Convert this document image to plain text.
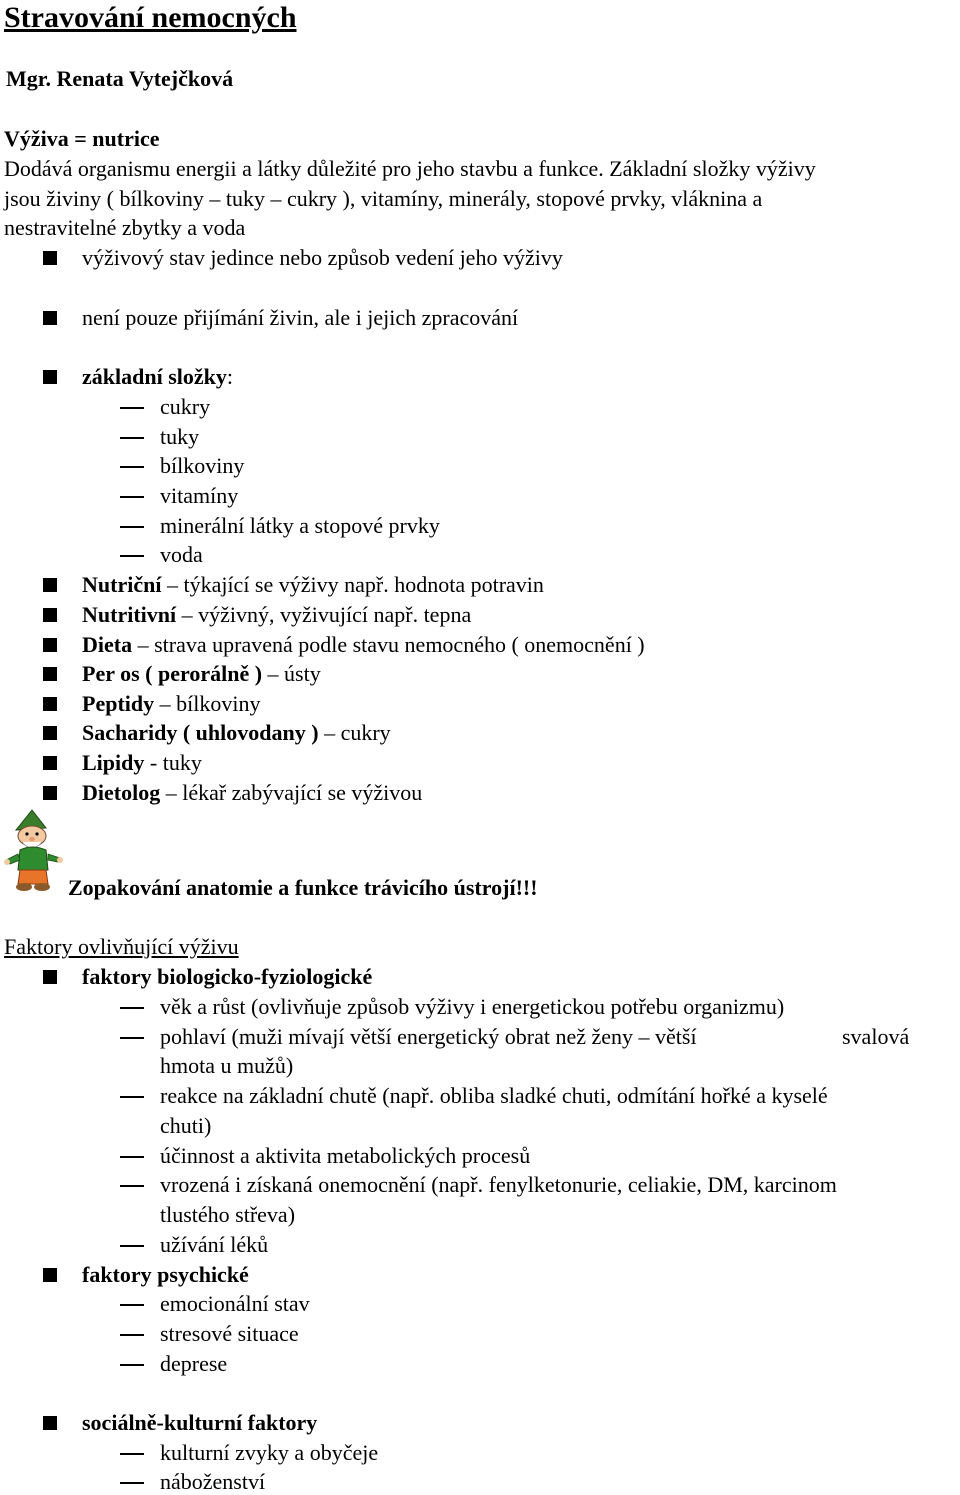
Stravování nemocných
Mgr. Renata Vytejčková
Výživa = nutrice
Dodává organismu energii a látky důležité pro jeho stavbu a funkce. Základní složky výživy
jsou živiny ( bílkoviny – tuky – cukry ), vitamíny, minerály, stopové prvky, vláknina a
nestravitelné zbytky a voda
výživový stav jedince nebo způsob vedení jeho výživy
není pouze přijímání živin, ale i jejich zpracování
základní složky:
cukry
tuky
bílkoviny
vitamíny
minerální látky a stopové prvky
voda
Nutriční – týkající se výživy např. hodnota potravin
Nutritivní – výživný, vyživující např. tepna
Dieta – strava upravená podle stavu nemocného ( onemocnění )
Per os ( perorálně ) – ústy
Peptidy – bílkoviny
Sacharidy ( uhlovodany ) – cukry
Lipidy - tuky
Dietolog – lékař zabývající se výživou
Zopakování anatomie a funkce trávicího ústrojí!!!
Faktory ovlivňující výživu
faktory biologicko-fyziologické
věk a růst (ovlivňuje způsob výživy i energetickou potřebu organizmu)
pohlaví (muži mívají větší energetický obrat než ženy – větší	svalová
hmota u mužů)
reakce na základní chutě (např. obliba sladké chuti, odmítání hořké a kyselé
chuti)
účinnost a aktivita metabolických procesů
vrozená i získaná onemocnění (např. fenylketonurie, celiakie, DM, karcinom
tlustého střeva)
užívání léků
faktory psychické
emocionální stav
stresové situace
deprese
sociálně-kulturní faktory
kulturní zvyky a obyčeje
náboženství
